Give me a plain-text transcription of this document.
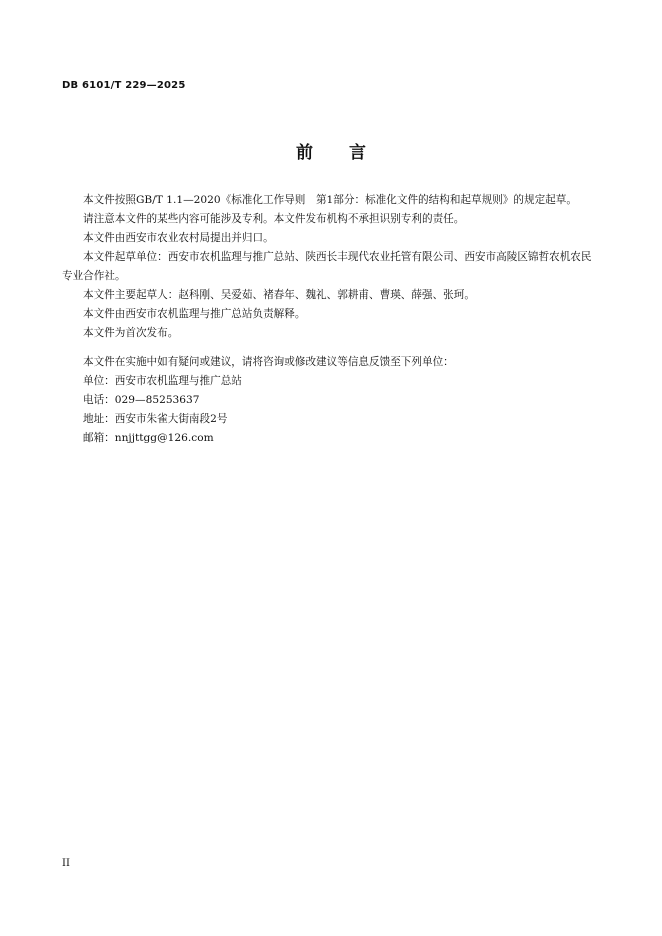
DB 6101/T 229—2025
前 言

本文件按照GB/T 1.1—2020《标准化工作导则　第1部分：标准化文件的结构和起草规则》的规定起草。

请注意本文件的某些内容可能涉及专利。本文件发布机构不承担识别专利的责任。

本文件由西安市农业农村局提出并归口。

本文件起草单位：西安市农机监理与推广总站、陕西长丰现代农业托管有限公司、西安市高陵区锦哲农机农民专业合作社。

本文件主要起草人：赵科刚、吴爱茹、褚春年、魏礼、郭耕甫、曹瑛、薛强、张珂。

本文件由西安市农机监理与推广总站负责解释。

本文件为首次发布。

本文件在实施中如有疑问或建议，请将咨询或修改建议等信息反馈至下列单位：

单位：西安市农机监理与推广总站

电话：029—85253637

地址：西安市朱雀大街南段2号

邮箱：nnjjttgg@126.com

II
